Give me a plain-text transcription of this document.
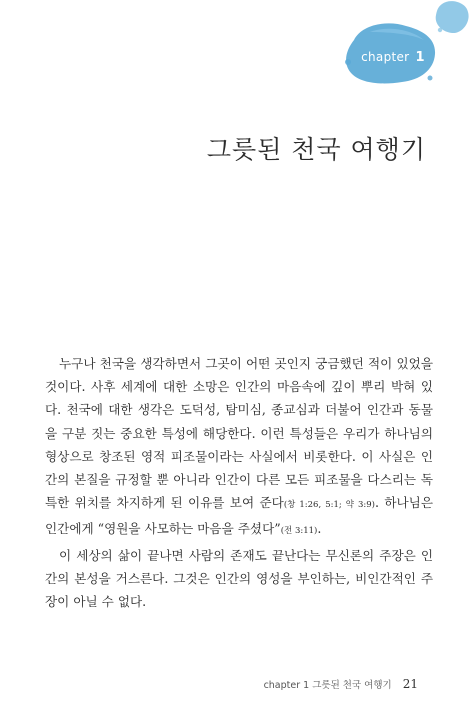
chapter 1
그릇된 천국 여행기

누구나 천국을 생각하면서 그곳이 어떤 곳인지 궁금했던 적이 있었을 것이다. 사후 세계에 대한 소망은 인간의 마음속에 깊이 뿌리 박혀 있다. 천국에 대한 생각은 도덕성, 탐미심, 종교심과 더불어 인간과 동물을 구분 짓는 중요한 특성에 해당한다. 이런 특성들은 우리가 하나님의 형상으로 창조된 영적 피조물이라는 사실에서 비롯한다. 이 사실은 인간의 본질을 규정할 뿐 아니라 인간이 다른 모든 피조물을 다스리는 독특한 위치를 차지하게 된 이유를 보여 준다(창 1:26, 5:1; 약 3:9). 하나님은 인간에게 “영원을 사모하는 마음을 주셨다”(전 3:11).

이 세상의 삶이 끝나면 사람의 존재도 끝난다는 무신론의 주장은 인간의 본성을 거스른다. 그것은 인간의 영성을 부인하는, 비인간적인 주장이 아닐 수 없다.

chapter 1 그릇된 천국 여행기 21
